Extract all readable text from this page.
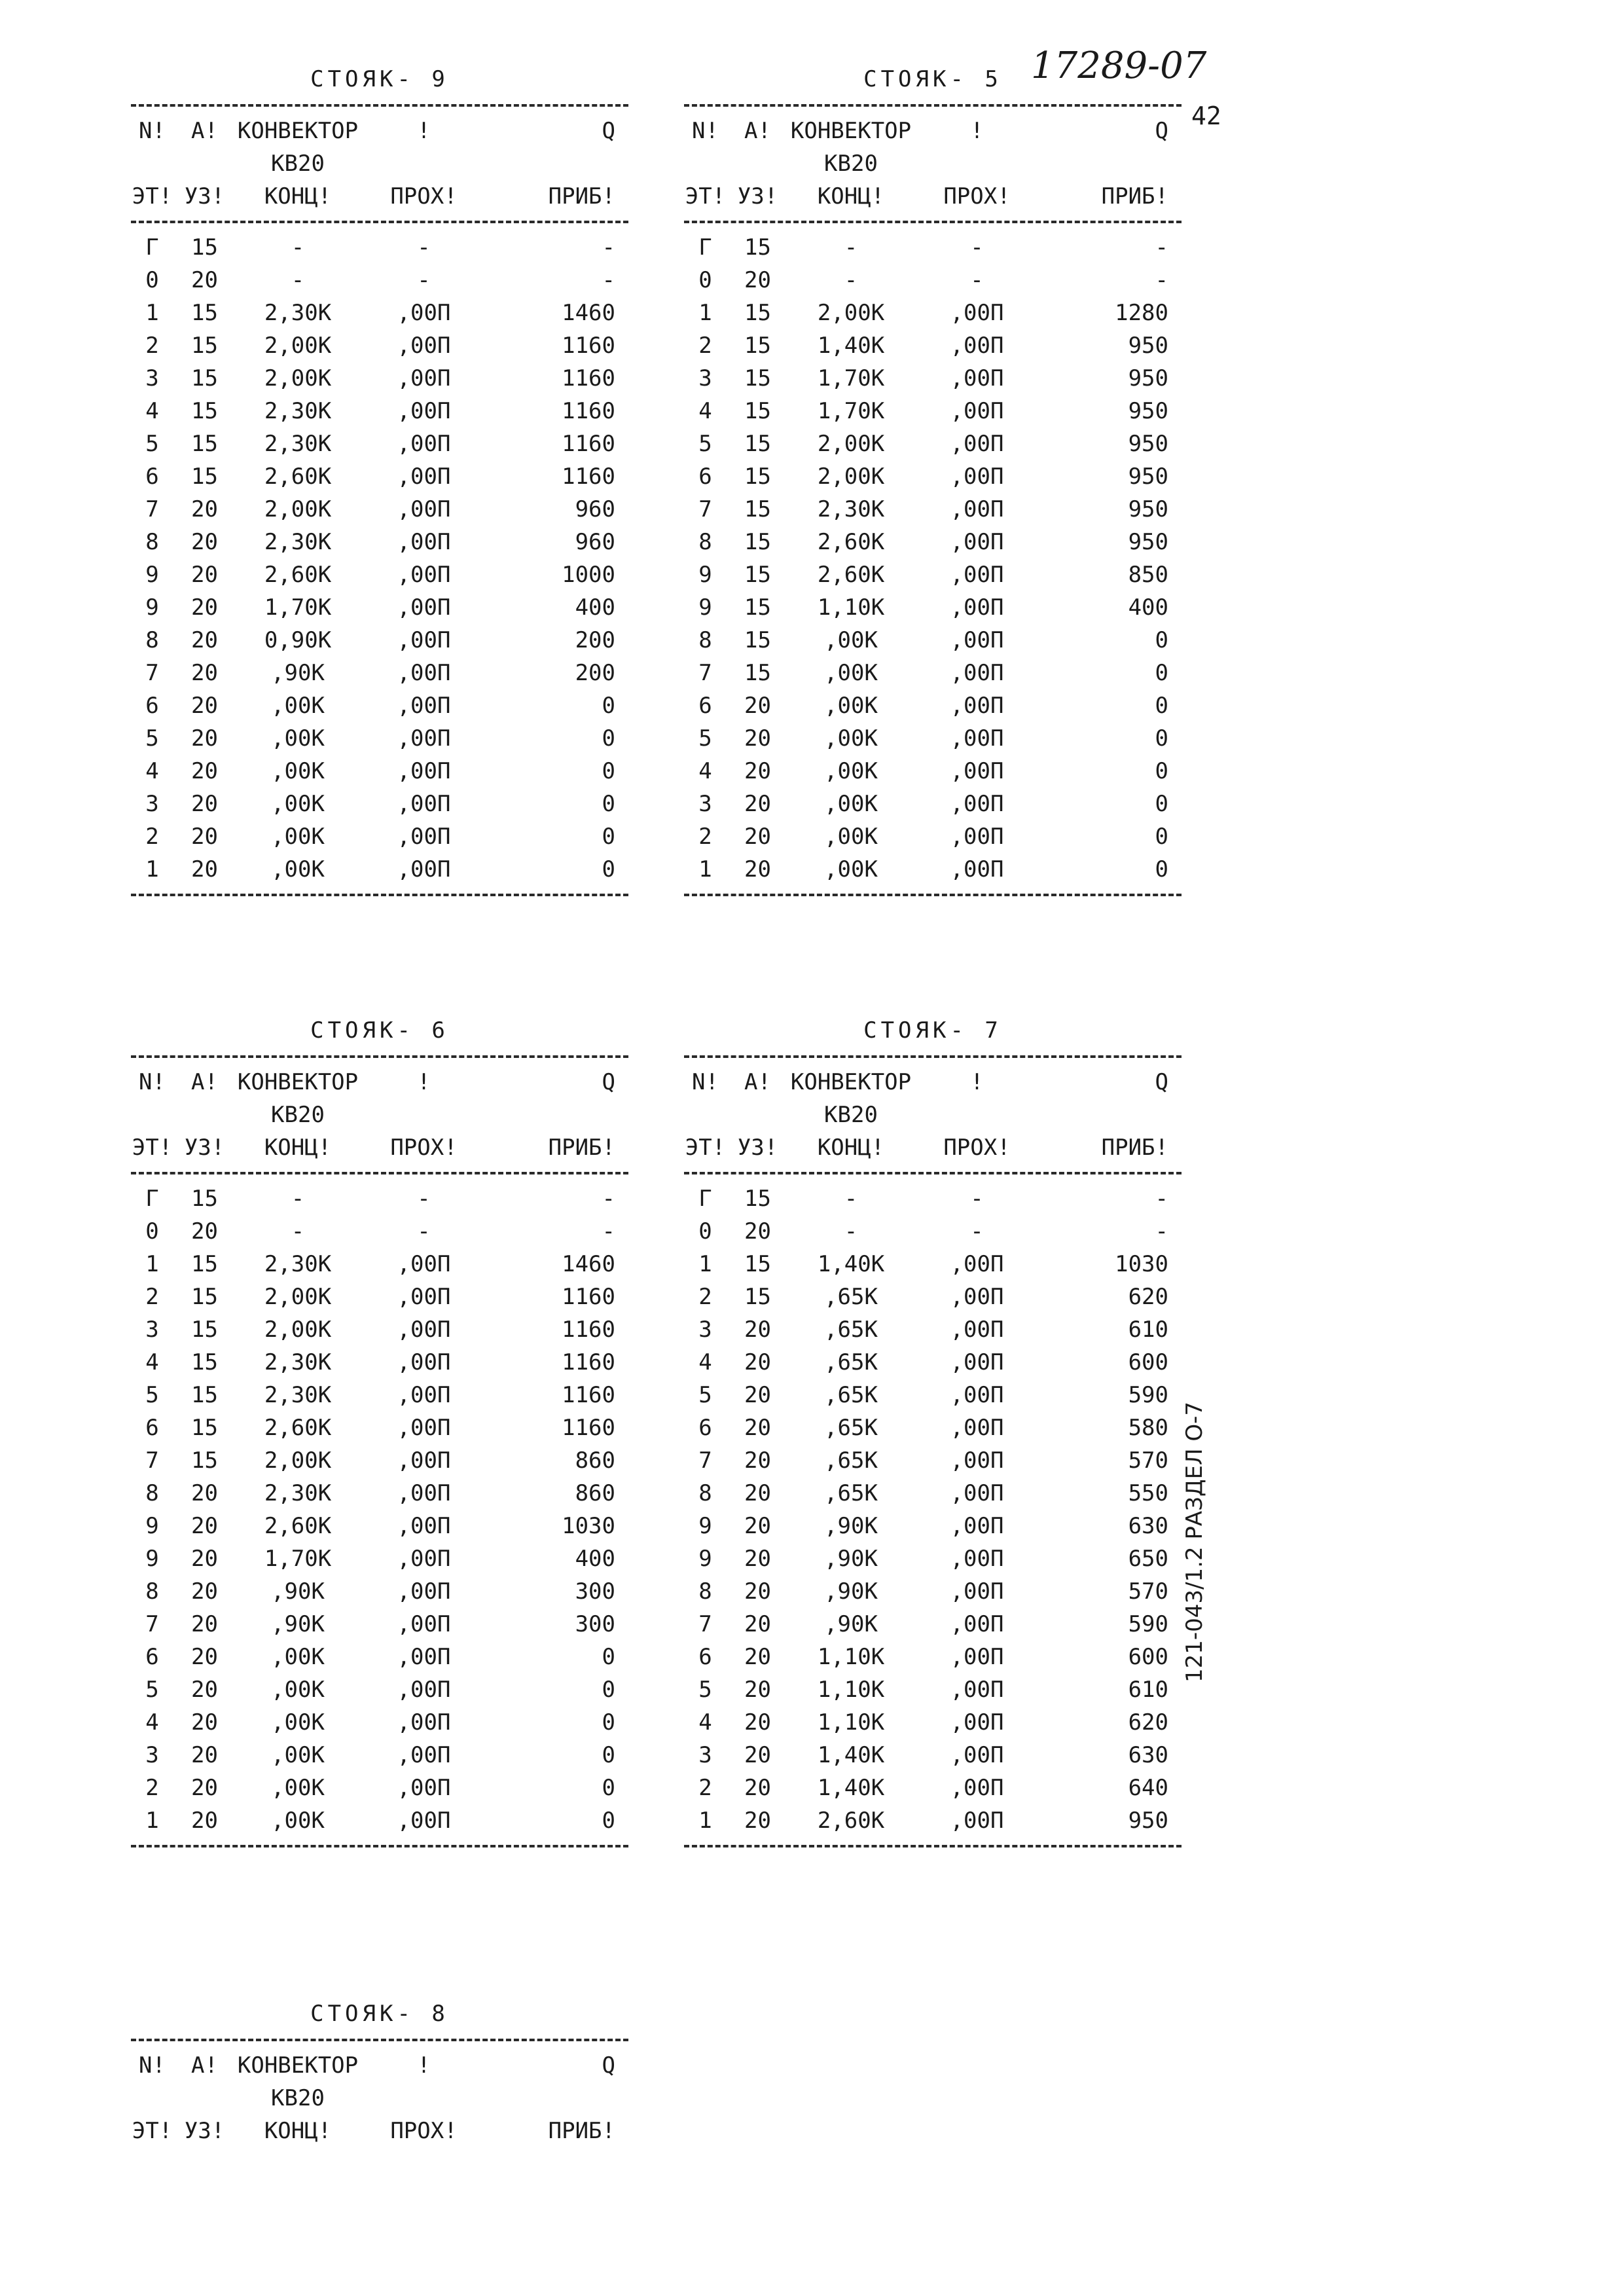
17289-07
42
121-043/1.2 РАЗДЕЛ О-7
СТОЯК- 9
N!	А! КОНВЕКТОР	!	Q
КВ20
ЭТ! УЗ!	КОНЦ!	ПРОХ!	ПРИБ!
Г	15	-	-	-
0	20	-	-	-
1	15	2,30К	,00П	1460
2	15	2,00К	,00П	1160
3	15	2,00К	,00П	1160
4	15	2,30К	,00П	1160
5	15	2,30К	,00П	1160
6	15	2,60К	,00П	1160
7	20	2,00К	,00П	960
8	20	2,30К	,00П	960
9	20	2,60К	,00П	1000
9	20	1,70К	,00П	400
8	20	0,90К	,00П	200
7	20	,90К	,00П	200
6	20	,00К	,00П	0
5	20	,00К	,00П	0
4	20	,00К	,00П	0
3	20	,00К	,00П	0
2	20	,00К	,00П	0
1	20	,00К	,00П	0
СТОЯК- 5
N!	А! КОНВЕКТОР	!	Q
КВ20
ЭТ! УЗ!	КОНЦ!	ПРОХ!	ПРИБ!
Г	15	-	-	-
0	20	-	-	-
1	15	2,00К	,00П	1280
2	15	1,40К	,00П	950
3	15	1,70К	,00П	950
4	15	1,70К	,00П	950
5	15	2,00К	,00П	950
6	15	2,00К	,00П	950
7	15	2,30К	,00П	950
8	15	2,60К	,00П	950
9	15	2,60К	,00П	850
9	15	1,10К	,00П	400
8	15	,00К	,00П	0
7	15	,00К	,00П	0
6	20	,00К	,00П	0
5	20	,00К	,00П	0
4	20	,00К	,00П	0
3	20	,00К	,00П	0
2	20	,00К	,00П	0
1	20	,00К	,00П	0
СТОЯК- 6
N!	А! КОНВЕКТОР	!	Q
КВ20
ЭТ! УЗ!	КОНЦ!	ПРОХ!	ПРИБ!
Г	15	-	-	-
0	20	-	-	-
1	15	2,30К	,00П	1460
2	15	2,00К	,00П	1160
3	15	2,00К	,00П	1160
4	15	2,30К	,00П	1160
5	15	2,30К	,00П	1160
6	15	2,60К	,00П	1160
7	15	2,00К	,00П	860
8	20	2,30К	,00П	860
9	20	2,60К	,00П	1030
9	20	1,70К	,00П	400
8	20	,90К	,00П	300
7	20	,90К	,00П	300
6	20	,00К	,00П	0
5	20	,00К	,00П	0
4	20	,00К	,00П	0
3	20	,00К	,00П	0
2	20	,00К	,00П	0
1	20	,00К	,00П	0
СТОЯК- 7
N!	А! КОНВЕКТОР	!	Q
КВ20
ЭТ! УЗ!	КОНЦ!	ПРОХ!	ПРИБ!
Г	15	-	-	-
0	20	-	-	-
1	15	1,40К	,00П	1030
2	15	,65К	,00П	620
3	20	,65К	,00П	610
4	20	,65К	,00П	600
5	20	,65К	,00П	590
6	20	,65К	,00П	580
7	20	,65К	,00П	570
8	20	,65К	,00П	550
9	20	,90К	,00П	630
9	20	,90К	,00П	650
8	20	,90К	,00П	570
7	20	,90К	,00П	590
6	20	1,10К	,00П	600
5	20	1,10К	,00П	610
4	20	1,10К	,00П	620
3	20	1,40К	,00П	630
2	20	1,40К	,00П	640
1	20	2,60К	,00П	950
СТОЯК- 8
N!	А! КОНВЕКТОР	!	Q
КВ20
ЭТ! УЗ!	КОНЦ!	ПРОХ!	ПРИБ!
